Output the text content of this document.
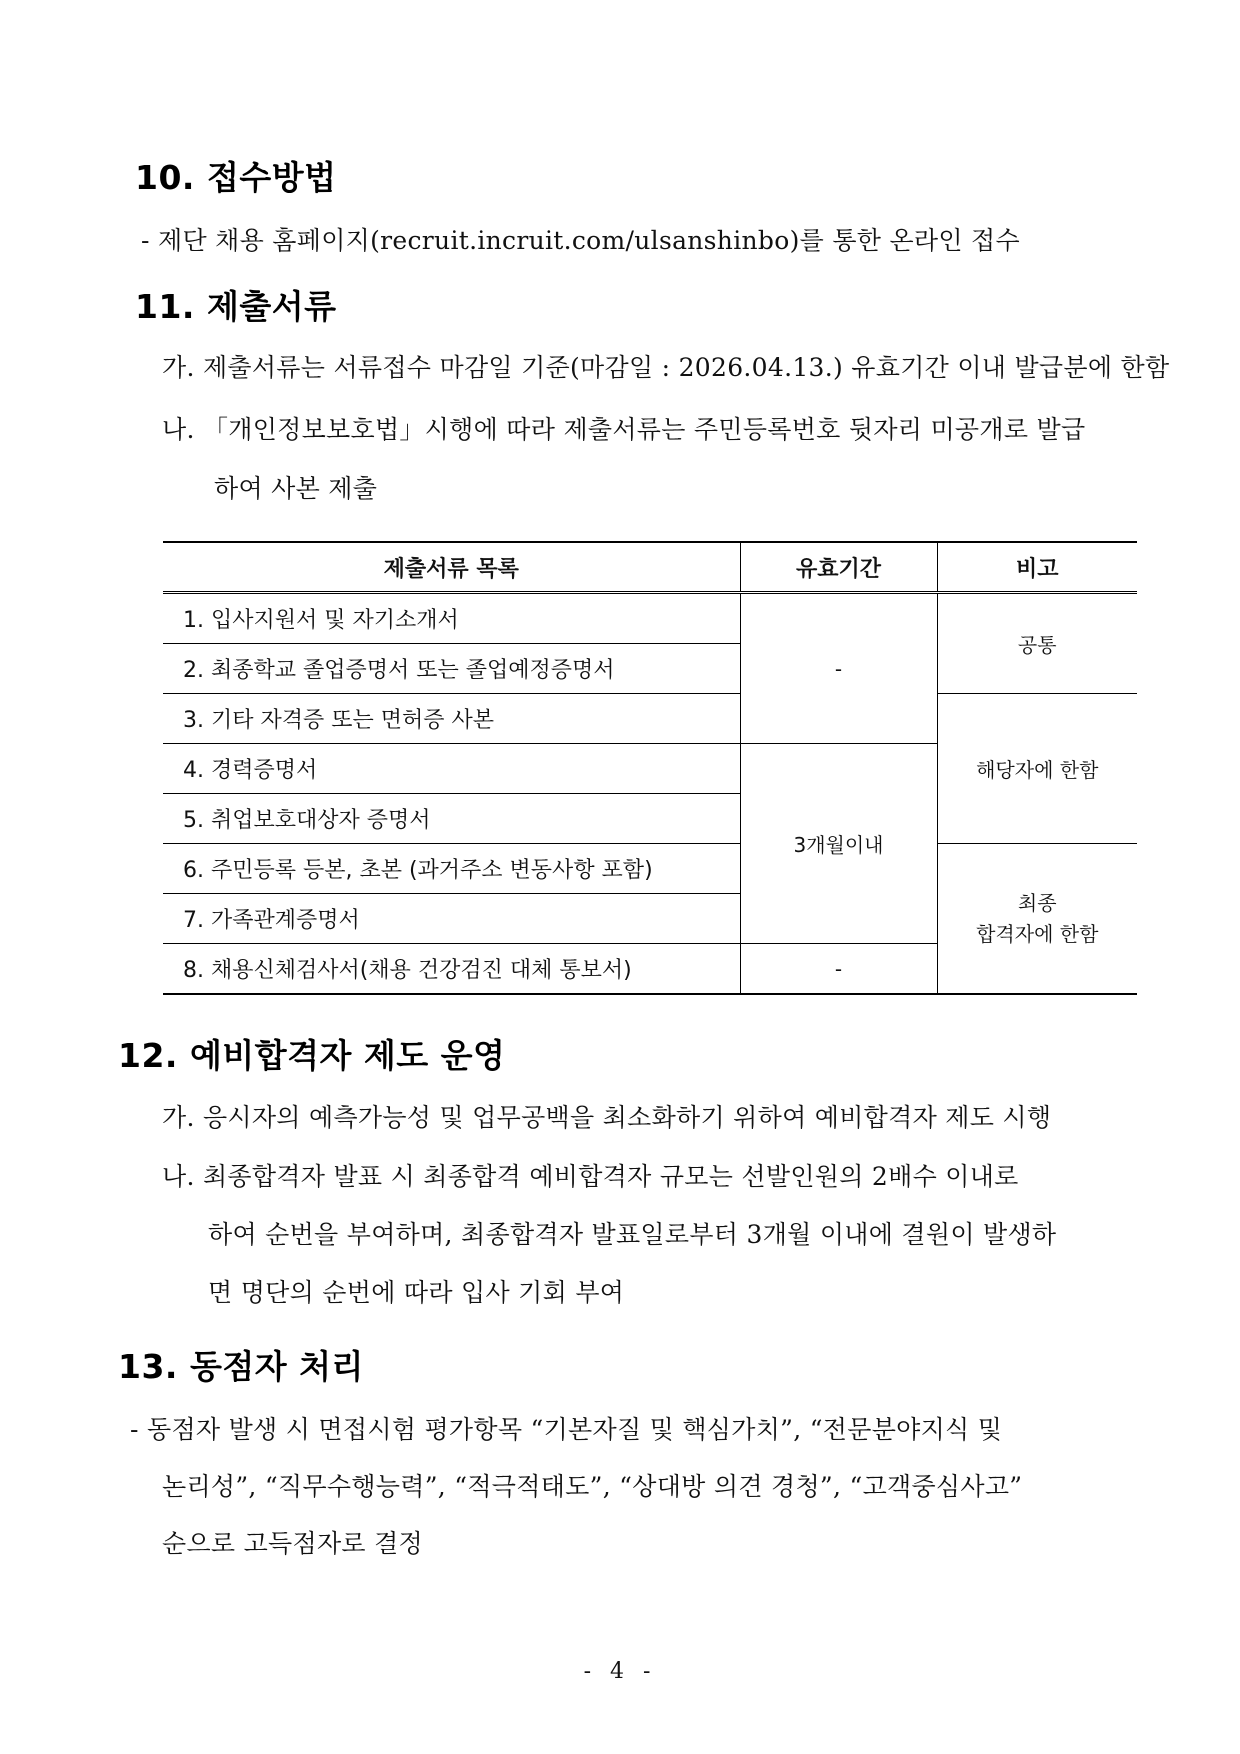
10. 접수방법

- 제단 채용 홈페이지(recruit.incruit.com/ulsanshinbo)를 통한 온라인 접수

11. 제출서류

가. 제출서류는 서류접수 마감일 기준(마감일 : 2026.04.13.) 유효기간 이내 발급분에 한함

나. 「개인정보보호법」시행에 따라 제출서류는 주민등록번호 뒷자리 미공개로 발급

하여 사본 제출

제출서류 목록	유효기간	비고
1. 입사지원서 및 자기소개서	-	공통
2. 최종학교 졸업증명서 또는 졸업예정증명서		
3. 기타 자격증 또는 면허증 사본		해당자에 한함
4. 경력증명서	3개월이내	
5. 취업보호대상자 증명서		
6. 주민등록 등본, 초본 (과거주소 변동사항 포함)		최종
합격자에 한함
7. 가족관계증명서		
8. 채용신체검사서(채용 건강검진 대체 통보서)	-	
12. 예비합격자 제도 운영

가. 응시자의 예측가능성 및 업무공백을 최소화하기 위하여 예비합격자 제도 시행

나. 최종합격자 발표 시 최종합격 예비합격자 규모는 선발인원의 2배수 이내로

하여 순번을 부여하며, 최종합격자 발표일로부터 3개월 이내에 결원이 발생하

면 명단의 순번에 따라 입사 기회 부여

13. 동점자 처리

- 동점자 발생 시 면접시험 평가항목 “기본자질 및 핵심가치”, “전문분야지식 및

논리성”, “직무수행능력”, “적극적태도”, “상대방 의견 경청”, “고객중심사고”

순으로 고득점자로 결정

- 4 -
